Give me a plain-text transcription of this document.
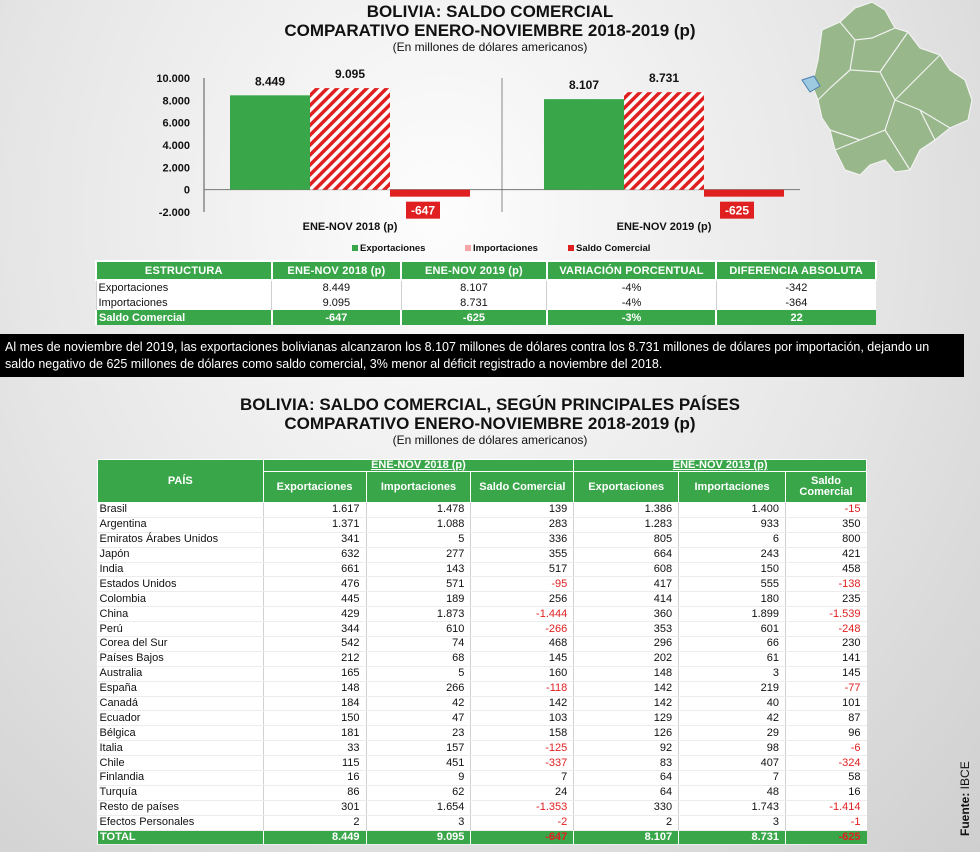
BOLIVIA: SALDO COMERCIAL
COMPARATIVO ENERO-NOVIEMBRE 2018-2019 (p)
(En millones de dólares americanos)
10.000
8.000
6.000
4.000
2.000
0
-2.000
8.449
9.095
-647
ENE-NOV 2018 (p)
8.107	8.731
-625
ENE-NOV 2019 (p)
Exportaciones	Importaciones	Saldo Comercial
ESTRUCTURA	ENE-NOV 2018 (p)	ENE-NOV 2019 (p)	VARIACIÓN PORCENTUAL	DIFERENCIA ABSOLUTA
Exportaciones	8.449	8.107	-4%	-342
Importaciones	9.095	8.731	-4%	-364
Saldo Comercial	-647	-625	-3%	22
Al mes de noviembre del 2019, las exportaciones bolivianas alcanzaron los 8.107 millones de dólares contra los 8.731 millones de dólares por importación, dejando un saldo negativo de 625 millones de dólares como saldo comercial, 3% menor al déficit registrado a noviembre del 2018.
BOLIVIA: SALDO COMERCIAL, SEGÚN PRINCIPALES PAÍSES
COMPARATIVO ENERO-NOVIEMBRE 2018-2019 (p)
(En millones de dólares americanos)
PAÍS	ENE-NOV 2018 (p)			ENE-NOV 2019 (p)		
	Exportaciones	Importaciones	Saldo Comercial	Exportaciones	Importaciones	Saldo Comercial
Brasil	1.617	1.478	139	1.386	1.400	-15
Argentina	1.371	1.088	283	1.283	933	350
Emiratos Árabes Unidos	341	5	336	805	6	800
Japón	632	277	355	664	243	421
India	661	143	517	608	150	458
Estados Unidos	476	571	-95	417	555	-138
Colombia	445	189	256	414	180	235
China	429	1.873	-1.444	360	1.899	-1.539
Perú	344	610	-266	353	601	-248
Corea del Sur	542	74	468	296	66	230
Países Bajos	212	68	145	202	61	141
Australia	165	5	160	148	3	145
España	148	266	-118	142	219	-77
Canadá	184	42	142	142	40	101
Ecuador	150	47	103	129	42	87
Bélgica	181	23	158	126	29	96
Italia	33	157	-125	92	98	-6
Chile	115	451	-337	83	407	-324
Finlandia	16	9	7	64	7	58
Turquía	86	62	24	64	48	16
Resto de países	301	1.654	-1.353	330	1.743	-1.414
Efectos Personales	2	3	-2	2	3	-1
TOTAL	8.449	9.095	-647	8.107	8.731	-625
Fuente: IBCE
